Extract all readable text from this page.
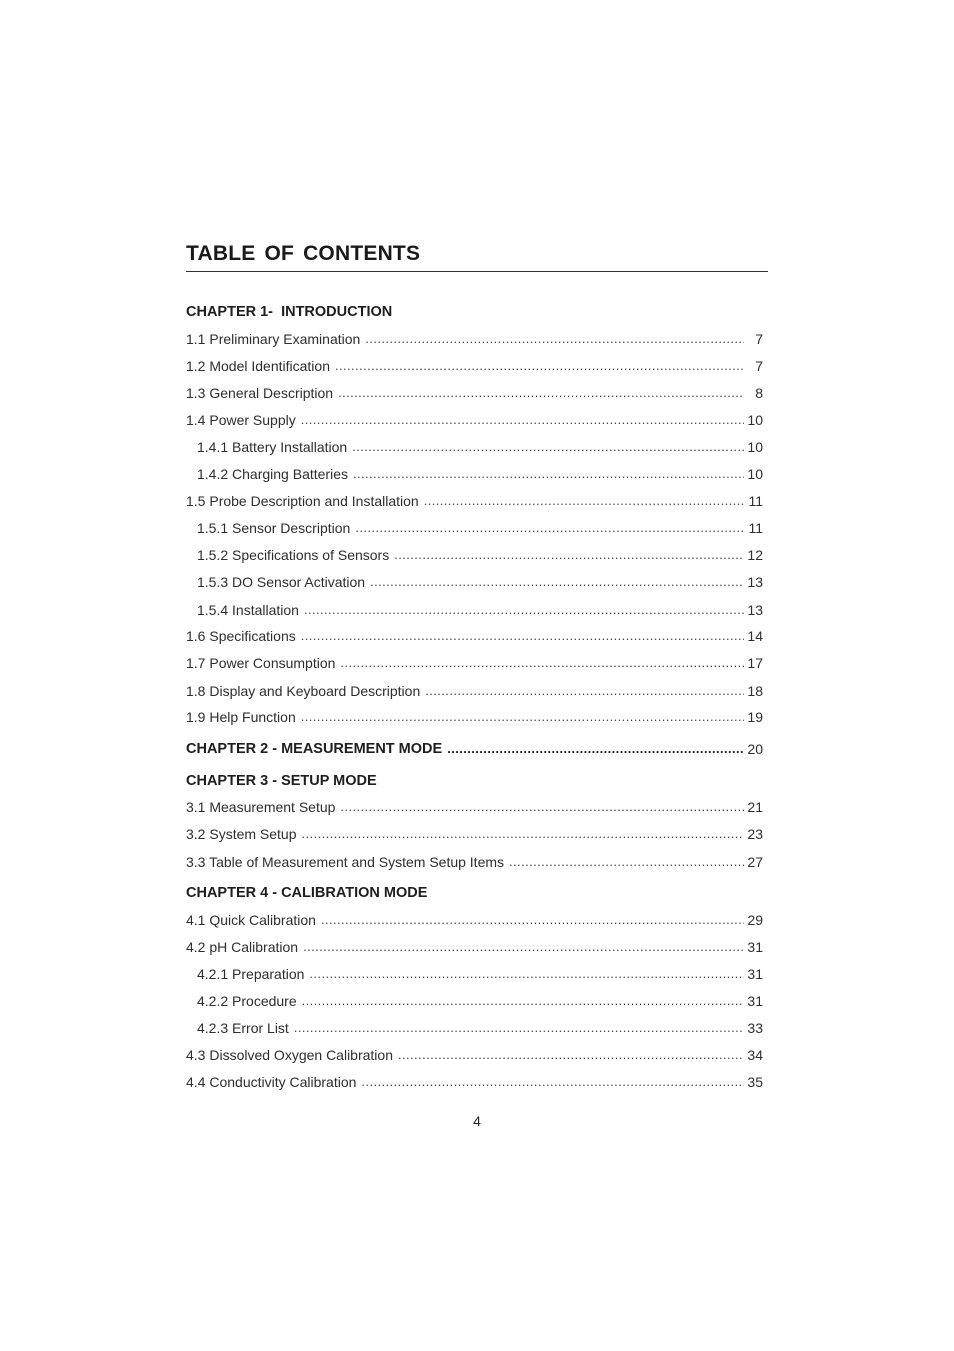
TABLE OF CONTENTS
CHAPTER 1-  INTRODUCTION
1.1 Preliminary Examination .....	7
1.2 Model Identification .....	7
1.3 General Description .....	8
1.4 Power Supply .....	10
1.4.1 Battery Installation .....	10
1.4.2 Charging Batteries .....	10
1.5 Probe Description and Installation .....	11
1.5.1 Sensor Description .....	11
1.5.2 Specifications of Sensors .....	12
1.5.3 DO Sensor Activation .....	13
1.5.4 Installation .....	13
1.6 Specifications .....	14
1.7 Power Consumption .....	17
1.8 Display and Keyboard Description .....	18
1.9 Help Function .....	19
CHAPTER 2 - MEASUREMENT MODE .....	20
CHAPTER 3 - SETUP MODE
3.1 Measurement Setup .....	21
3.2 System Setup .....	23
3.3 Table of Measurement and System Setup Items .....	27
CHAPTER 4 - CALIBRATION MODE
4.1 Quick Calibration .....	29
4.2 pH Calibration .....	31
4.2.1 Preparation .....	31
4.2.2 Procedure .....	31
4.2.3 Error List .....	33
4.3 Dissolved Oxygen Calibration .....	34
4.4 Conductivity Calibration .....	35
4
